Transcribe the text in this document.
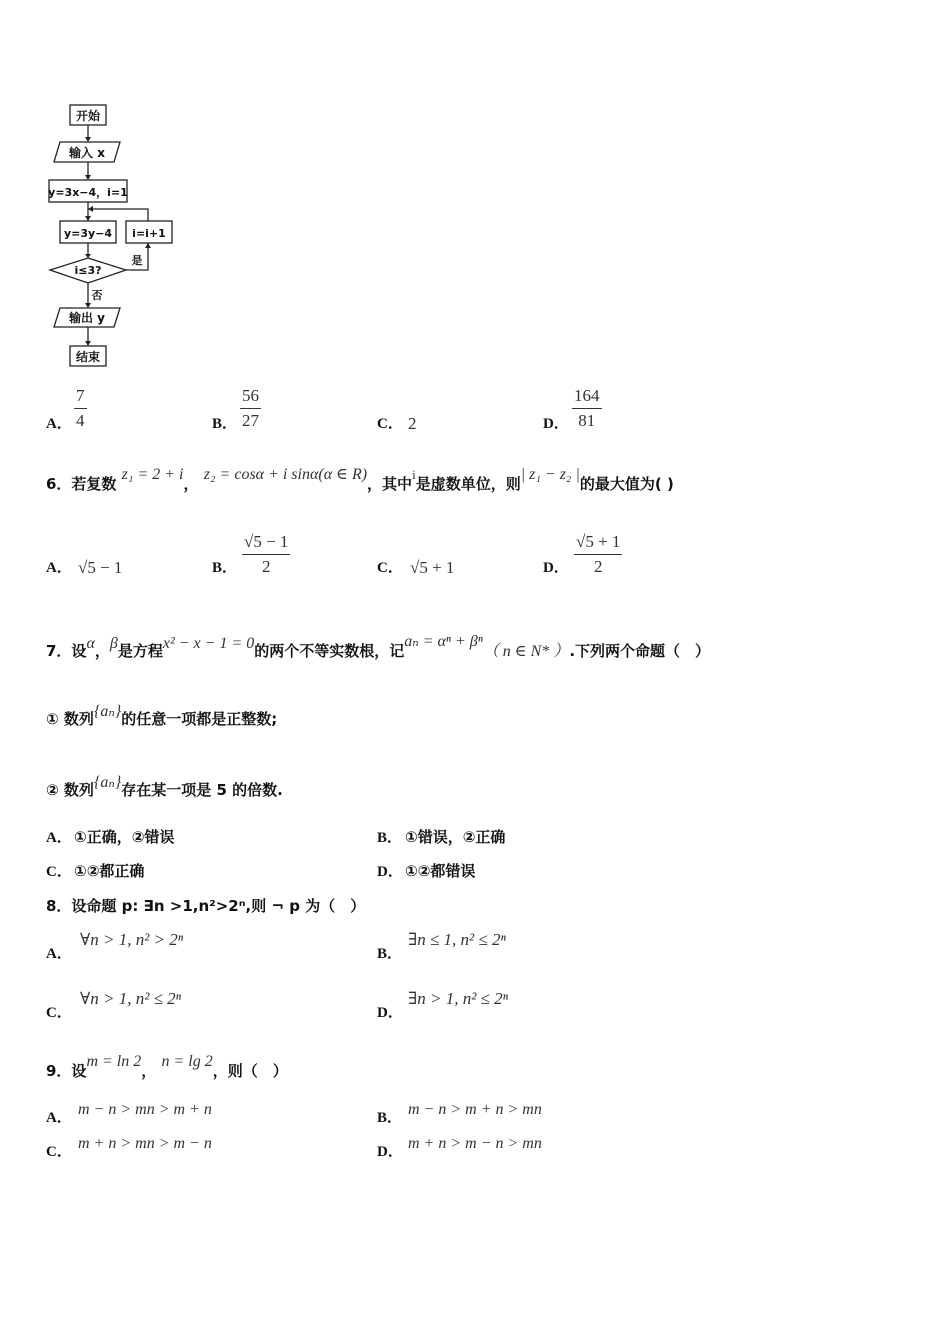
开始
输入 x
y=3x−4，i=1
y=3y−4
i≤3?
i=i+1
是
否
输出 y
结束
A． $\frac{7}{4}$	B． $\frac{56}{27}$	C． 2	D． $\frac{164}{81}$
6．若复数 z₁ = 2 + i， z₂ = cosα + i sinα(α ∈ R)，其中i是虚数单位，则| z₁ − z₂ |的最大值为( )
A． √5 − 1	B． $\frac{√5 - 1}{2}$	C． √5 + 1	D． $\frac{√5 + 1}{2}$
7．设α，β是方程x² − x − 1 = 0的两个不等实数根，记aₙ = αⁿ + βⁿ（ n ∈ N* ）.下列两个命题（　）
① 数列{aₙ}的任意一项都是正整数;
② 数列{aₙ}存在某一项是 5 的倍数.
A． ①正确，②错误	B． ①错误，②正确
C． ①②都正确	D． ①②都错误
8．设命题 p: ∃n >1,n²>2ⁿ,则 ¬ p 为（　）
A．
∀n > 1, n² > 2ⁿ
B．
∃n ≤ 1, n² ≤ 2ⁿ
C．
∀n > 1, n² ≤ 2ⁿ
D．
∃n > 1, n² ≤ 2ⁿ
9．设m = ln 2， n = lg 2，则（　）
A． m − n > mn > m + n	B． m − n > m + n > mn
C． m + n > mn > m − n	D． m + n > m − n > mn
